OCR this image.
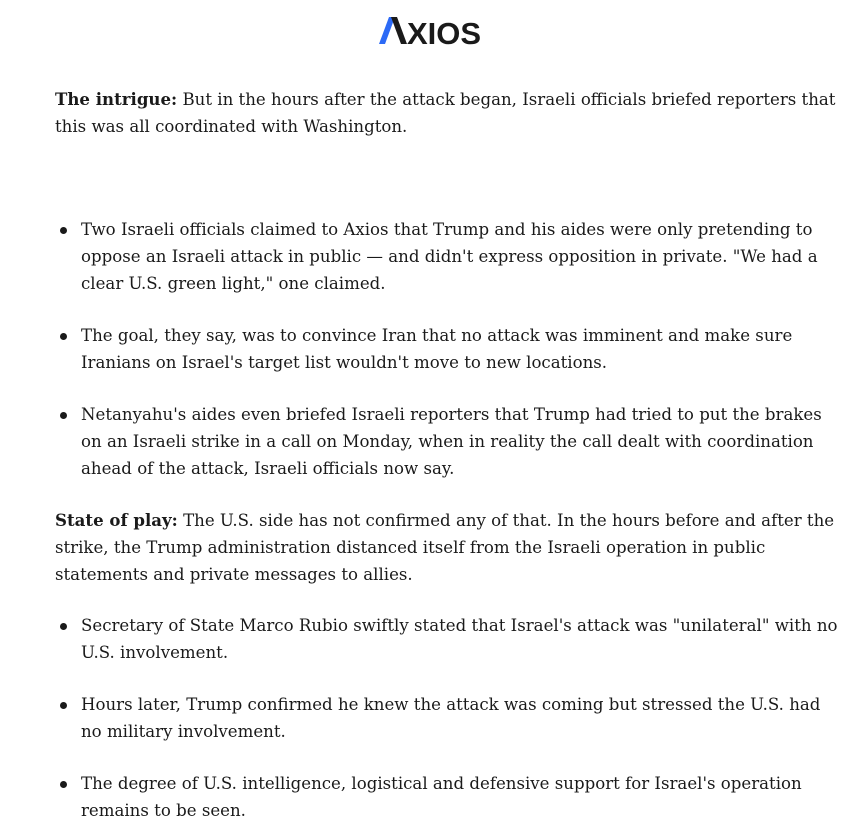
XIOS

The intrigue: But in the hours after the attack began, Israeli officials briefed reporters that this was all coordinated with Washington.

Two Israeli officials claimed to Axios that Trump and his aides were only pretending to oppose an Israeli attack in public — and didn't express opposition in private. "We had a clear U.S. green light," one claimed.
The goal, they say, was to convince Iran that no attack was imminent and make sure Iranians on Israel's target list wouldn't move to new locations.
Netanyahu's aides even briefed Israeli reporters that Trump had tried to put the brakes on an Israeli strike in a call on Monday, when in reality the call dealt with coordination ahead of the attack, Israeli officials now say.

State of play: The U.S. side has not confirmed any of that. In the hours before and after the strike, the Trump administration distanced itself from the Israeli operation in public statements and private messages to allies.

Secretary of State Marco Rubio swiftly stated that Israel's attack was "unilateral" with no U.S. involvement.
Hours later, Trump confirmed he knew the attack was coming but stressed the U.S. had no military involvement.
The degree of U.S. intelligence, logistical and defensive support for Israel's operation remains to be seen.
